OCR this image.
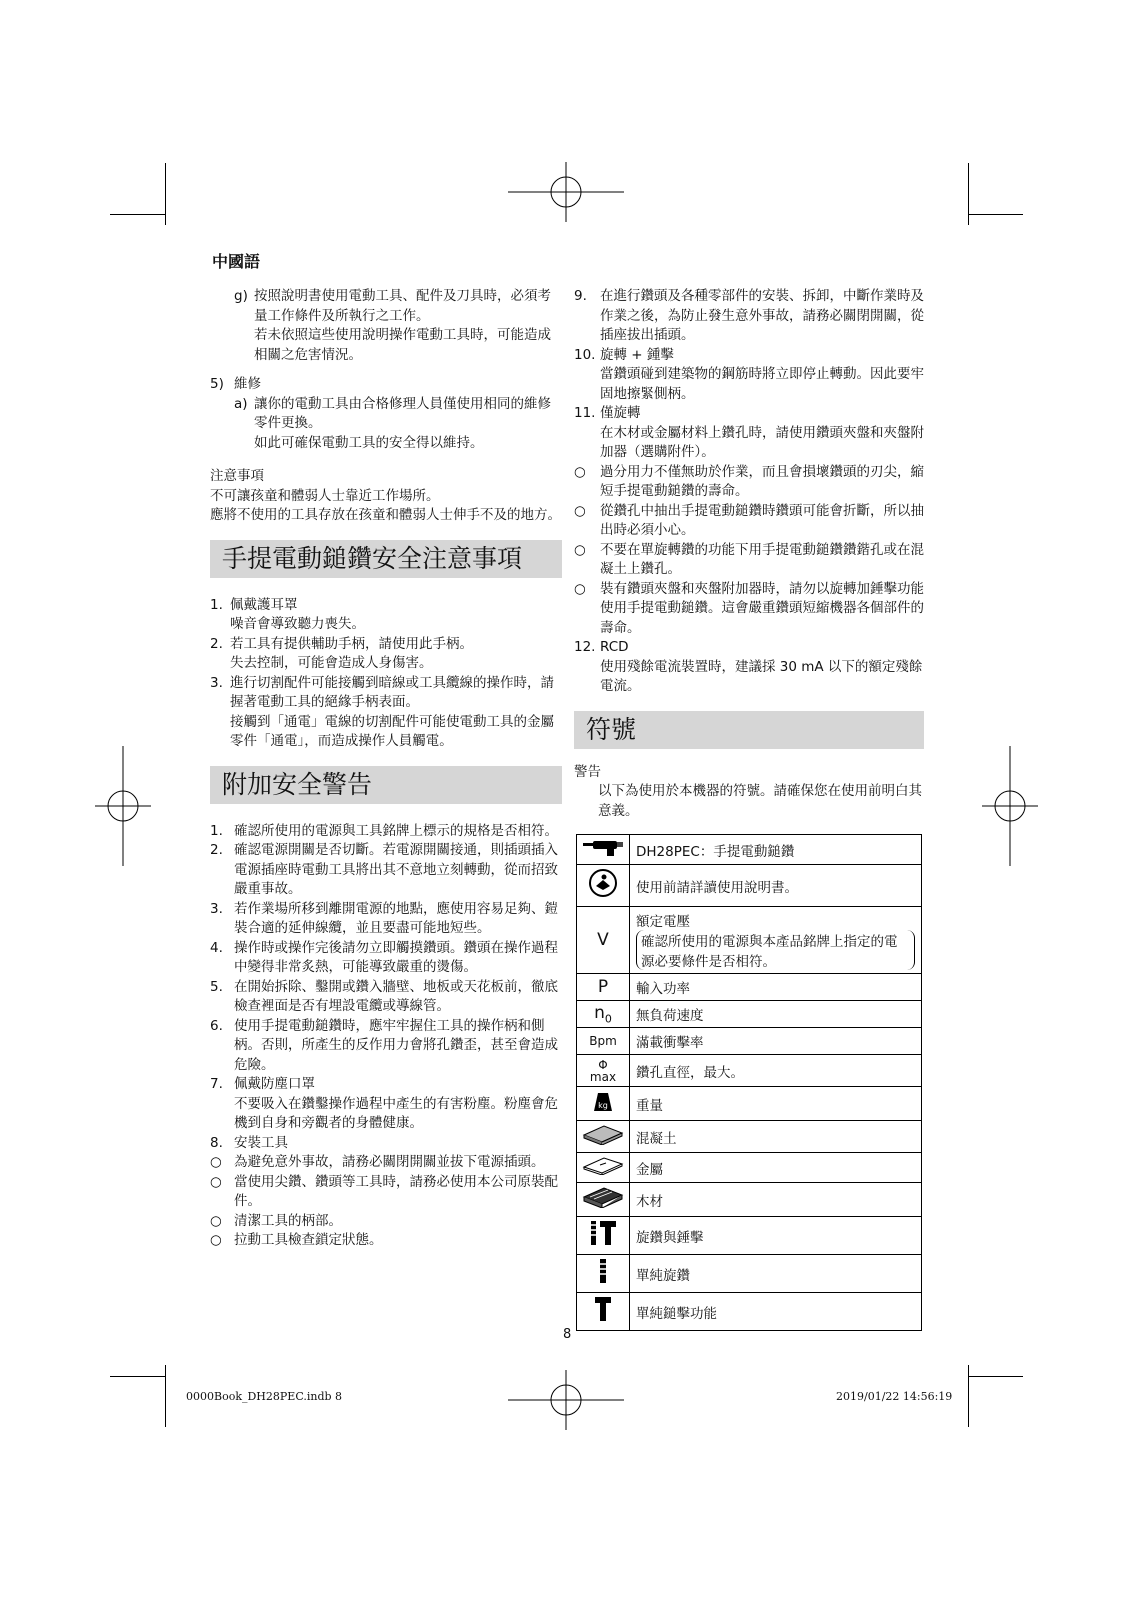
中國語
g) 按照說明書使用電動工具、配件及刀具時，必須考量工作條件及所執行之工作。
若未依照這些使用說明操作電動工具時，可能造成相關之危害情況。
5) 維修
a) 讓你的電動工具由合格修理人員僅使用相同的維修零件更換。
如此可確保電動工具的安全得以維持。
注意事項
不可讓孩童和體弱人士靠近工作場所。
應將不使用的工具存放在孩童和體弱人士伸手不及的地方。
手提電動鎚鑽安全注意事項
1. 佩戴護耳罩
噪音會導致聽力喪失。
2. 若工具有提供輔助手柄，請使用此手柄。
失去控制，可能會造成人身傷害。
3. 進行切割配件可能接觸到暗線或工具纜線的操作時，請握著電動工具的絕緣手柄表面。
接觸到「通電」電線的切割配件可能使電動工具的金屬零件「通電」，而造成操作人員觸電。
附加安全警告
1. 確認所使用的電源與工具銘牌上標示的規格是否相符。
2. 確認電源開關是否切斷。若電源開關接通，則插頭插入電源插座時電動工具將出其不意地立刻轉動，從而招致嚴重事故。
3. 若作業場所移到離開電源的地點，應使用容易足夠、鎧裝合適的延伸線纜，並且要盡可能地短些。
4. 操作時或操作完後請勿立即觸摸鑽頭。鑽頭在操作過程中變得非常炙熱，可能導致嚴重的燙傷。
5. 在開始拆除、鑿開或鑽入牆壁、地板或天花板前，徹底檢查裡面是否有埋設電纜或導線管。
6. 使用手提電動鎚鑽時，應牢牢握住工具的操作柄和側柄。否則，所產生的反作用力會將孔鑽歪，甚至會造成危險。
7. 佩戴防塵口罩
不要吸入在鑽鑿操作過程中產生的有害粉塵。粉塵會危機到自身和旁觀者的身體健康。
8. 安裝工具
○ 為避免意外事故，請務必關閉開關並拔下電源插頭。
○ 當使用尖鑽、鑽頭等工具時，請務必使用本公司原裝配件。
○ 清潔工具的柄部。
○ 拉動工具檢查鎖定狀態。
9. 在進行鑽頭及各種零部件的安裝、拆卸，中斷作業時及作業之後，為防止發生意外事故，請務必關閉開關，從插座拔出插頭。
10. 旋轉 + 鍾擊
當鑽頭碰到建築物的鋼筋時將立即停止轉動。因此要牢固地擦緊側柄。
11. 僅旋轉
在木材或金屬材料上鑽孔時，請使用鑽頭夾盤和夾盤附加器（選購附件）。
○	過分用力不僅無助於作業，而且會損壞鑽頭的刃尖，縮短手提電動鎚鑽的壽命。
○	從鑽孔中抽出手提電動鎚鑽時鑽頭可能會折斷，所以抽出時必須小心。
○	不要在單旋轉鑽的功能下用手提電動鎚鑽鑽鍇孔或在混凝土上鑽孔。
○	裝有鑽頭夾盤和夾盤附加器時，請勿以旋轉加錘擊功能使用手提電動鎚鑽。這會嚴重鑽頭短縮機器各個部件的壽命。
12. RCD
使用殘餘電流裝置時，建議採 30 mA 以下的額定殘餘電流。
符號
警告
以下為使用於本機器的符號。請確保您在使用前明白其意義。

DH28PEC：手提電動鎚鑽

使用前請詳讀使用說明書。

V	額定電壓
確認所使用的電源與本產品銘牌上指定的電源必要條件是否相符。

P	輸入功率

$n_0$	無負荷速度

Bpm	滿載衝擊率

Φ
max	鑽孔直徑，最大。

kg	重量

混凝土

金屬

木材

旋鑽與錘擊

單純旋鑽

單純鎚擊功能
8
0000Book_DH28PEC.indb 8	2019/01/22 14:56:19
